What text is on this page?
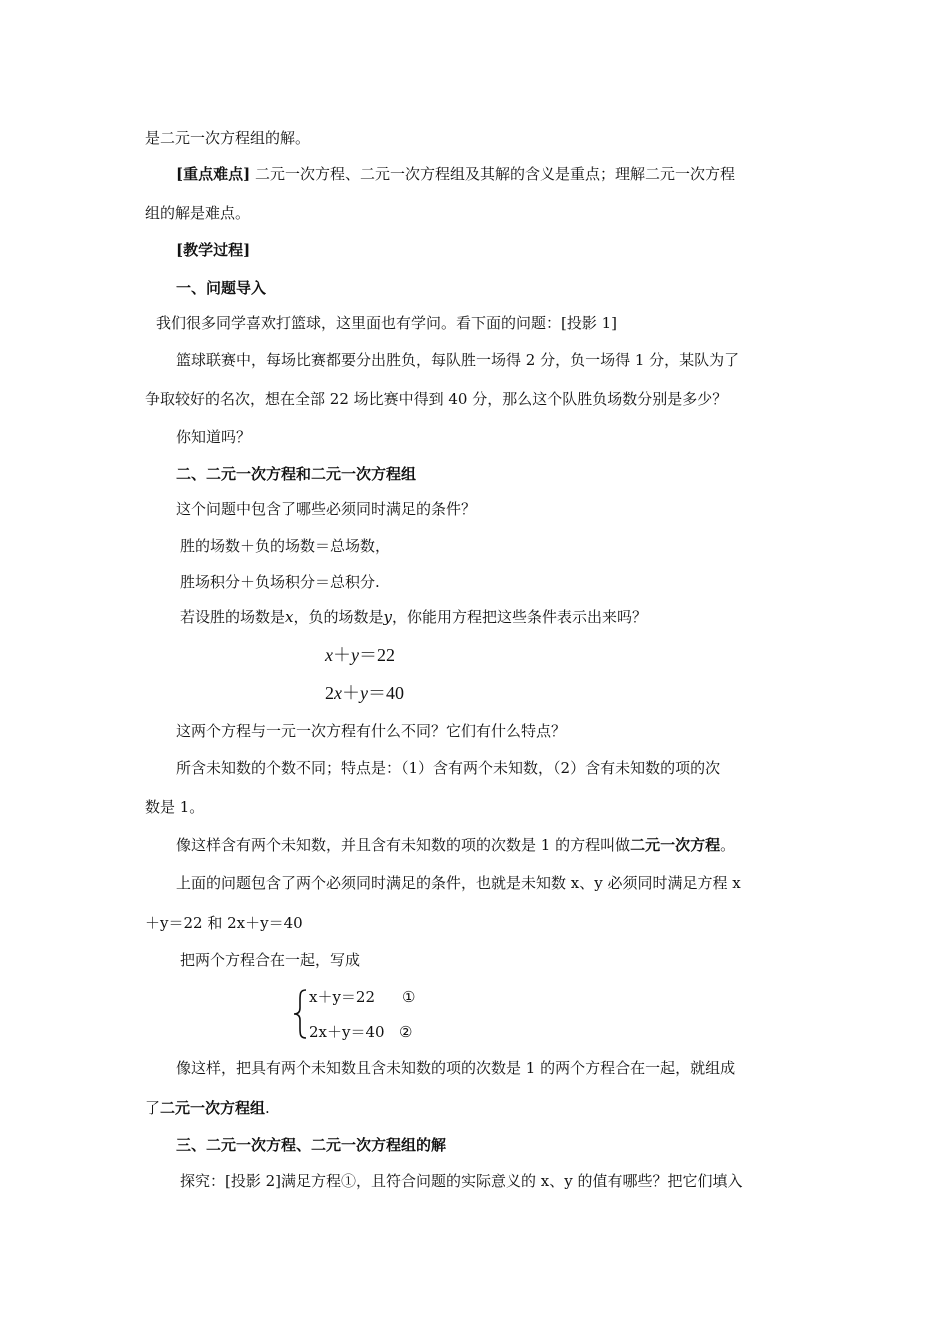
是二元一次方程组的解。
[重点难点] 二元一次方程、二元一次方程组及其解的含义是重点；理解二元一次方程
组的解是难点。
[教学过程]
一、问题导入
我们很多同学喜欢打篮球，这里面也有学问。看下面的问题：[投影 1]
篮球联赛中，每场比赛都要分出胜负，每队胜一场得 2 分，负一场得 1 分，某队为了
争取较好的名次，想在全部 22 场比赛中得到 40 分，那么这个队胜负场数分别是多少？
你知道吗？
二、二元一次方程和二元一次方程组
这个问题中包含了哪些必须同时满足的条件？
胜的场数＋负的场数＝总场数，
胜场积分＋负场积分＝总积分.
若设胜的场数是x，负的场数是y，你能用方程把这些条件表示出来吗？
x＋y＝22
2x＋y＝40
这两个方程与一元一次方程有什么不同？它们有什么特点？
所含未知数的个数不同；特点是：（1）含有两个未知数，（2）含有未知数的项的次
数是 1。
像这样含有两个未知数，并且含有未知数的项的次数是 1 的方程叫做二元一次方程。
上面的问题包含了两个必须同时满足的条件，也就是未知数 x、y 必须同时满足方程 x
＋y＝22 和 2x＋y＝40
把两个方程合在一起，写成
x＋y＝22 ①
2x＋y＝40 ②
像这样，把具有两个未知数且含未知数的项的次数是 1 的两个方程合在一起，就组成
了二元一次方程组.
三、二元一次方程、二元一次方程组的解
探究：[投影 2]满足方程①，且符合问题的实际意义的 x、y 的值有哪些？把它们填入
